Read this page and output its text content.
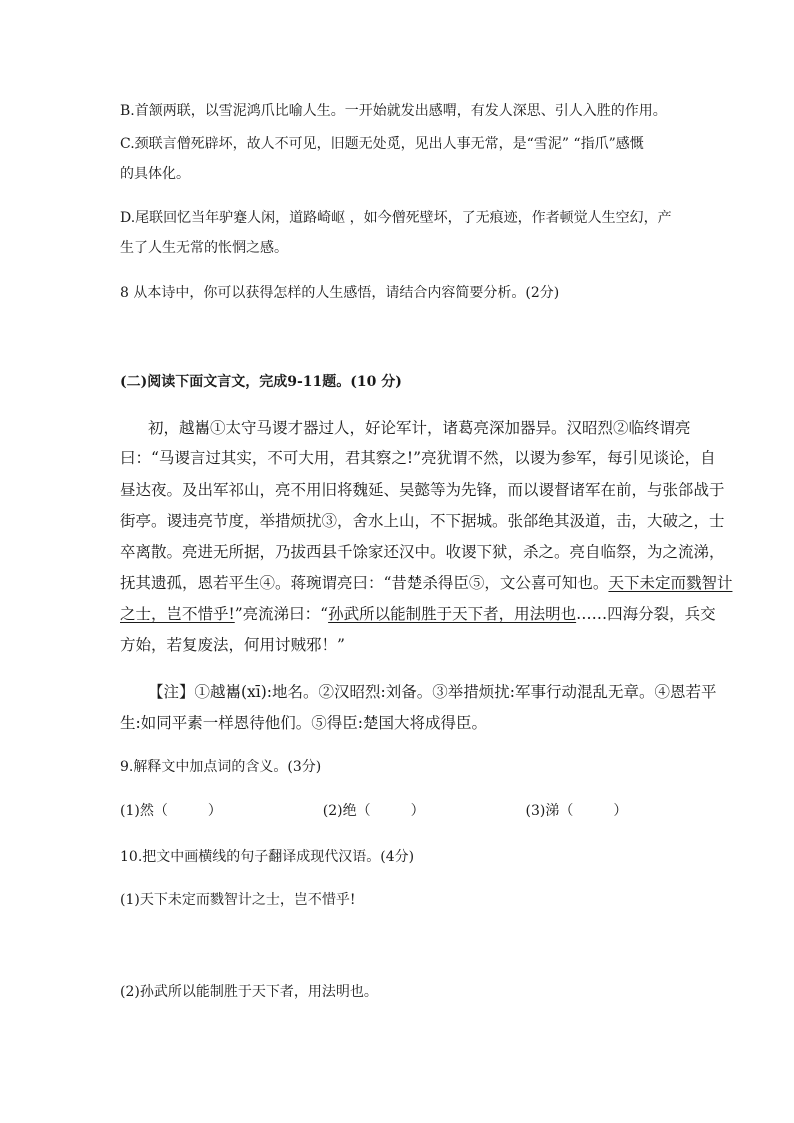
B.首颔两联，以雪泥鸿爪比喻人生。一开始就发出感喟，有发人深思、引人入胜的作用。
C.颈联言僧死辟坏，故人不可见，旧题无处觅，见出人事无常，是“雪泥” “指爪”感慨
的具体化。
D.尾联回忆当年驴蹇人闲，道路崎岖 ，如今僧死壁坏，了无痕迹，作者顿觉人生空幻，产
生了人生无常的怅惘之感。
8 从本诗中，你可以获得怎样的人生感悟，请结合内容简要分析。(2分)
(二)阅读下面文言文，完成9-11题。(10 分)
初，越巂①太守马谡才器过人，好论军计，诸葛亮深加器异。汉昭烈②临终谓亮
曰：“马谡言过其实，不可大用，君其察之!”亮犹谓不然，以谡为参军，每引见谈论，自
昼达夜。及出军祁山，亮不用旧将魏延、吴懿等为先锋，而以谡督诸军在前，与张郃战于
街亭。谡违亮节度，举措烦扰③，舍水上山，不下据城。张郃绝其汲道，击，大破之，士
卒离散。亮进无所据，乃拔西县千馀家还汉中。收谡下狱，杀之。亮自临祭，为之流涕，
抚其遗孤，恩若平生④。蒋琬谓亮曰：“昔楚杀得臣⑤，文公喜可知也。天下未定而戮智计
之士，岂不惜乎!”亮流涕曰：“孙武所以能制胜于天下者，用法明也……四海分裂，兵交
方始，若复废法，何用讨贼邪！”
【注】①越巂(xī):地名。②汉昭烈:刘备。③举措烦扰:军事行动混乱无章。④恩若平
生:如同平素一样恩待他们。⑤得臣:楚国大将成得臣。
9.解释文中加点词的含义。(3分)
(1)然（	）	(2)绝（	）	(3)涕（	）
10.把文中画横线的句子翻译成现代汉语。(4分)
(1)天下未定而戮智计之士，岂不惜乎!
(2)孙武所以能制胜于天下者，用法明也。
